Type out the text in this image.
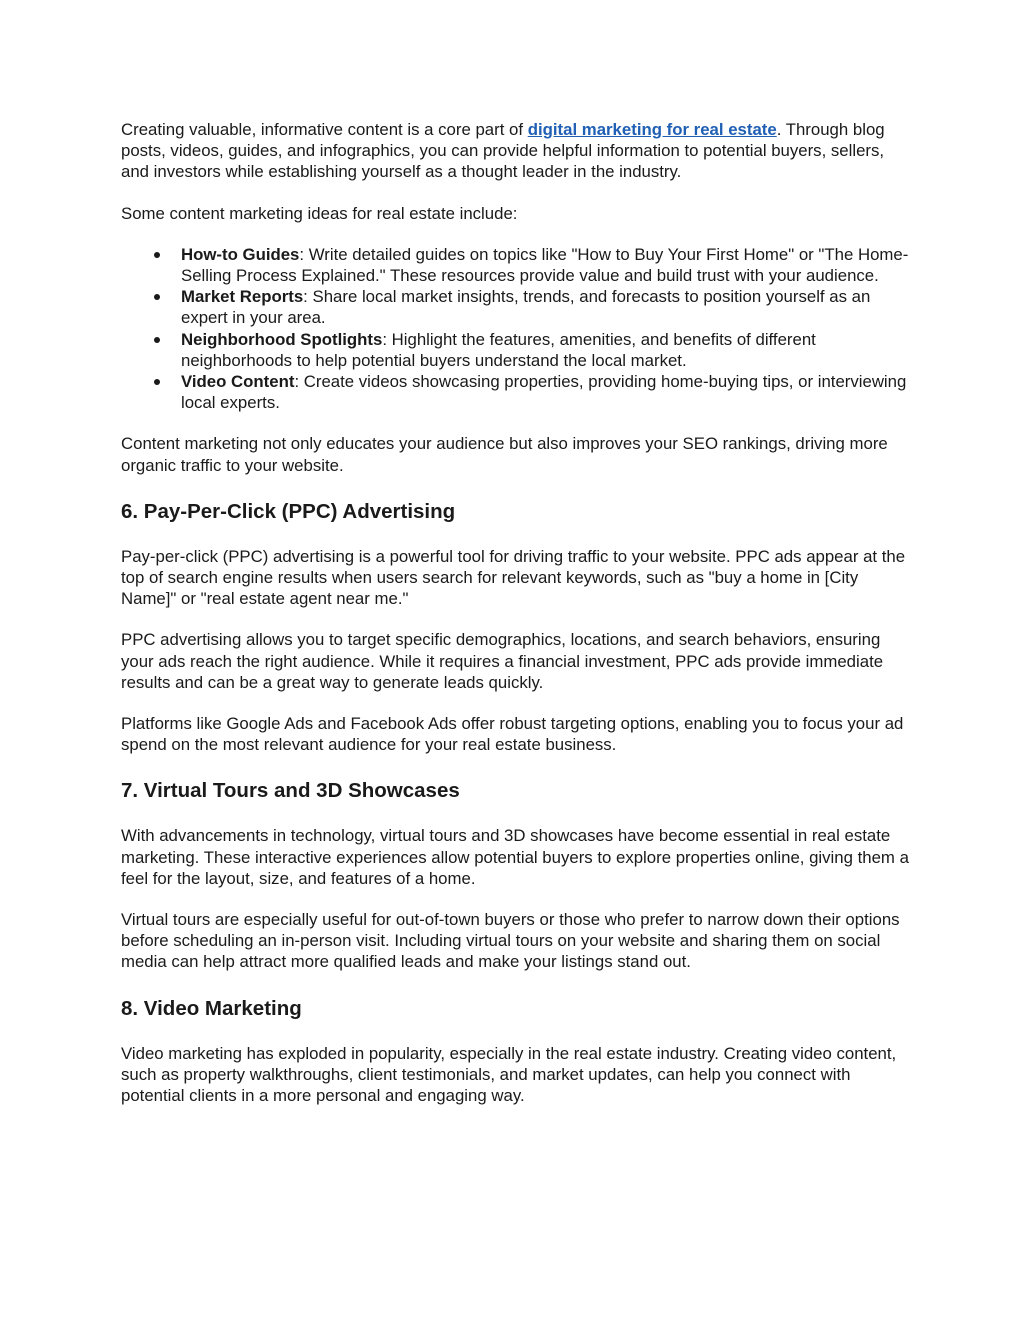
Creating valuable, informative content is a core part of digital marketing for real estate. Through blog posts, videos, guides, and infographics, you can provide helpful information to potential buyers, sellers, and investors while establishing yourself as a thought leader in the industry.

Some content marketing ideas for real estate include:

How-to Guides: Write detailed guides on topics like "How to Buy Your First Home" or "The Home-Selling Process Explained." These resources provide value and build trust with your audience.
Market Reports: Share local market insights, trends, and forecasts to position yourself as an expert in your area.
Neighborhood Spotlights: Highlight the features, amenities, and benefits of different neighborhoods to help potential buyers understand the local market.
Video Content: Create videos showcasing properties, providing home-buying tips, or interviewing local experts.

Content marketing not only educates your audience but also improves your SEO rankings, driving more organic traffic to your website.

6. Pay-Per-Click (PPC) Advertising

Pay-per-click (PPC) advertising is a powerful tool for driving traffic to your website. PPC ads appear at the top of search engine results when users search for relevant keywords, such as "buy a home in [City Name]" or "real estate agent near me."

PPC advertising allows you to target specific demographics, locations, and search behaviors, ensuring your ads reach the right audience. While it requires a financial investment, PPC ads provide immediate results and can be a great way to generate leads quickly.

Platforms like Google Ads and Facebook Ads offer robust targeting options, enabling you to focus your ad spend on the most relevant audience for your real estate business.

7. Virtual Tours and 3D Showcases

With advancements in technology, virtual tours and 3D showcases have become essential in real estate marketing. These interactive experiences allow potential buyers to explore properties online, giving them a feel for the layout, size, and features of a home.

Virtual tours are especially useful for out-of-town buyers or those who prefer to narrow down their options before scheduling an in-person visit. Including virtual tours on your website and sharing them on social media can help attract more qualified leads and make your listings stand out.

8. Video Marketing

Video marketing has exploded in popularity, especially in the real estate industry. Creating video content, such as property walkthroughs, client testimonials, and market updates, can help you connect with potential clients in a more personal and engaging way.
